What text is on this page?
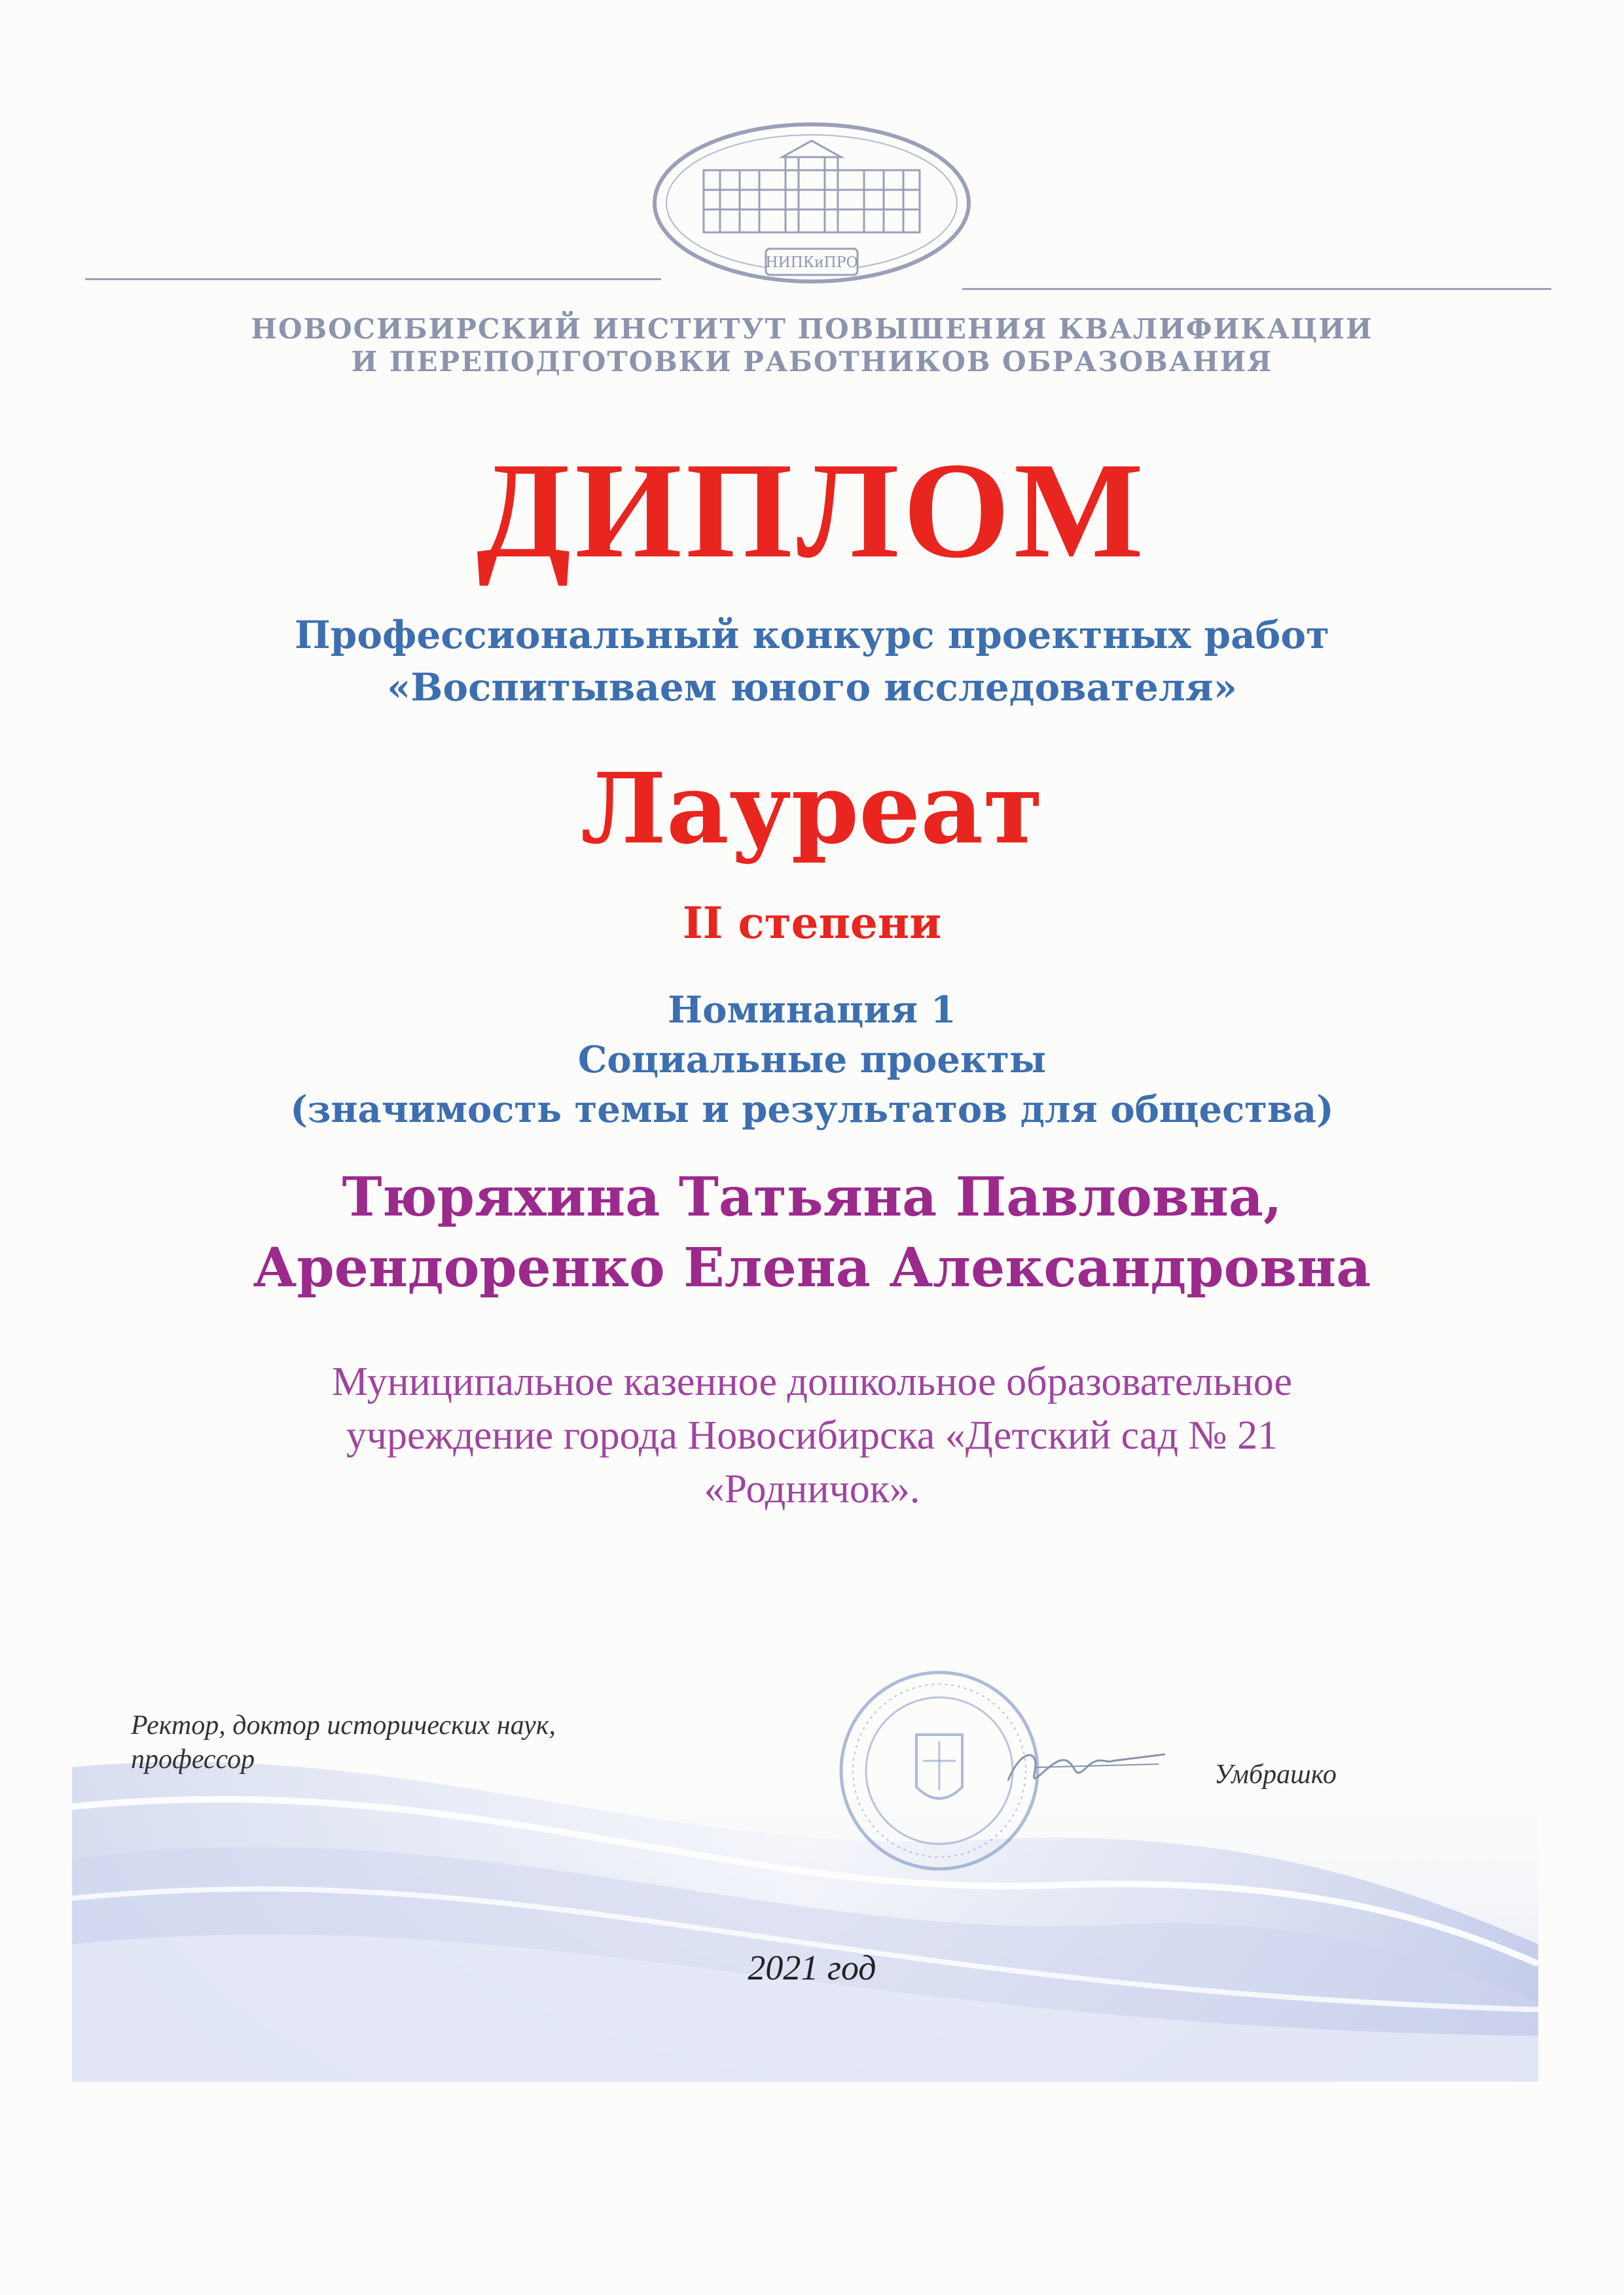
НИПКиПРО
НОВОСИБИРСКИЙ ИНСТИТУТ ПОВЫШЕНИЯ КВАЛИФИКАЦИИ
И ПЕРЕПОДГОТОВКИ РАБОТНИКОВ ОБРАЗОВАНИЯ
ДИПЛОМ
Профессиональный конкурс проектных работ
«Воспитываем юного исследователя»
Лауреат
II степени
Номинация 1
Социальные проекты
(значимость темы и результатов для общества)
Тюряхина Татьяна Павловна,
Арендоренко Елена Александровна
Муниципальное казенное дошкольное образовательное
учреждение города Новосибирска «Детский сад № 21
«Родничок».
Ректор, доктор исторических наук,
профессор	Умбрашко
2021 год
